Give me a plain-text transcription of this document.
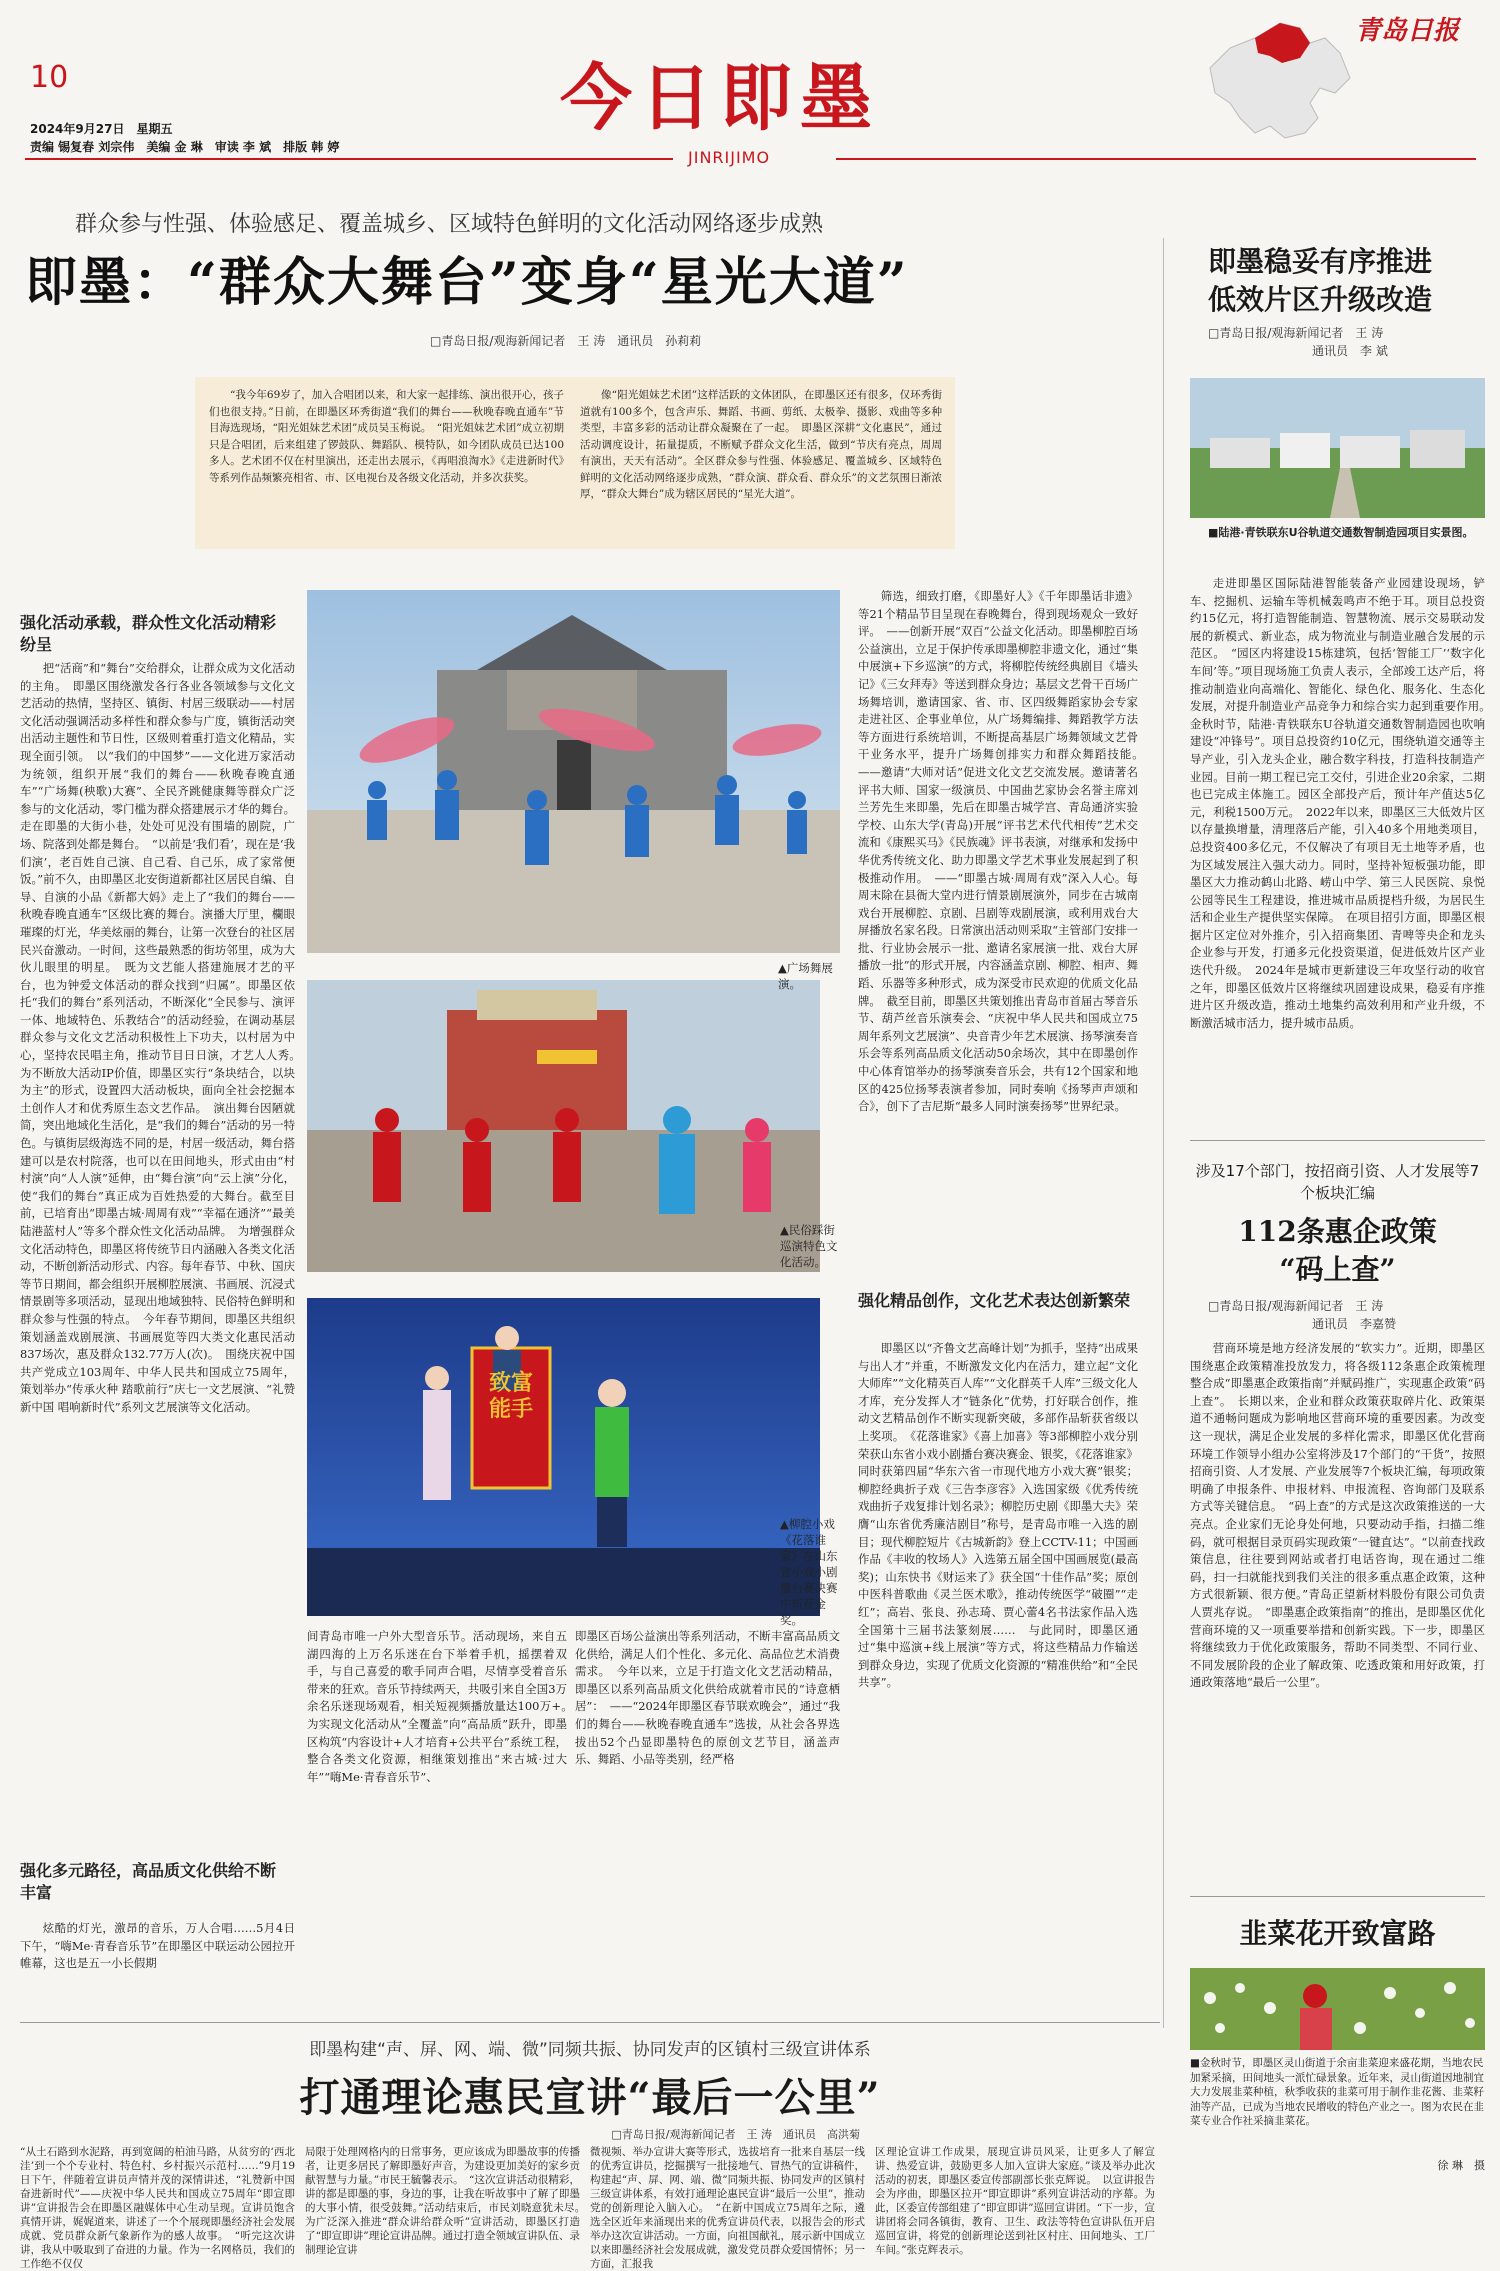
10
2024年9月27日　星期五
责编 锡复春 刘宗伟　美编 金 琳　审读 李 斌　排版 韩 婷
今日即墨
JINRIJIMO
青岛日报
群众参与性强、体验感足、覆盖城乡、区域特色鲜明的文化活动网络逐步成熟
即墨：“群众大舞台”变身“星光大道”
□青岛日报/观海新闻记者　王 涛　通讯员　孙莉莉
“我今年69岁了，加入合唱团以来，和大家一起排练、演出很开心，孩子们也很支持。”日前，在即墨区环秀街道“我们的舞台——秋晚春晚直通车”节目海选现场，“阳光姐妹艺术团”成员吴玉梅说。　“阳光姐妹艺术团”成立初期只是合唱团，后来组建了锣鼓队、舞蹈队、模特队，如今团队成员已达100多人。艺术团不仅在村里演出，还走出去展示，《再唱浪淘水》《走进新时代》等系列作品频繁亮相省、市、区电视台及各级文化活动，并多次获奖。
像“阳光姐妹艺术团”这样活跃的文体团队，在即墨区还有很多，仅环秀街道就有100多个，包含声乐、舞蹈、书画、剪纸、太极拳、摄影、戏曲等多种类型，丰富多彩的活动让群众凝聚在了一起。　即墨区深耕“文化惠民”，通过活动调度设计，拓量提质，不断赋予群众文化生活，做到“节庆有亮点，周周有演出，天天有活动”。全区群众参与性强、体验感足、覆盖城乡、区域特色鲜明的文化活动网络逐步成熟，“群众演、群众看、群众乐”的文艺氛围日渐浓厚，“群众大舞台”成为辖区居民的“星光大道”。
强化活动承载，群众性文化活动精彩纷呈
把“活商”和“舞台”交给群众，让群众成为文化活动的主角。　即墨区围绕激发各行各业各领域参与文化文艺活动的热情，坚持区、镇街、村居三级联动——村居文化活动强调活动多样性和群众参与广度，镇街活动突出活动主题性和节日性，区级则着重打造文化精品，实现全面引领。　以“我们的中国梦”——文化进万家活动为统领，组织开展“我们的舞台——秋晚春晚直通车”“广场舞(秧歌)大赛”、全民齐跳健康舞等群众广泛参与的文化活动，零门槛为群众搭建展示才华的舞台。走在即墨的大街小巷，处处可见没有围墙的剧院，广场、院落到处都是舞台。　“以前是‘我们看’，现在是‘我们演’，老百姓自己演、自己看、自己乐，成了家常便饭。”前不久，由即墨区北安街道新都社区居民自编、自导、自演的小品《新都大妈》走上了“我们的舞台——秋晚春晚直通车”区级比赛的舞台。演播大厅里，欄眼璀璨的灯光，华美炫丽的舞台，让第一次登台的社区居民兴奋激动。一时间，这些最熟悉的街坊邻里，成为大伙儿眼里的明星。　既为文艺能人搭建施展才艺的平台，也为钟爱文体活动的群众找到“归属”。即墨区依托“我们的舞台”系列活动，不断深化“全民参与、演评一体、地域特色、乐教结合”的活动经验，在调动基层群众参与文化文艺活动积极性上下功夫，以村居为中心，坚持农民唱主角，推动节目日日演，才艺人人秀。　为不断放大活动IP价值，即墨区实行“条块结合，以块为主”的形式，设置四大活动板块，面向全社会挖掘本土创作人才和优秀原生态文艺作品。　演出舞台因陋就简，突出地域化生活化，是“我们的舞台”活动的另一特色。与镇街层级海选不同的是，村居一级活动，舞台搭建可以是农村院落，也可以在田间地头，形式由由“村村演”向“人人演”延伸，由“舞台演”向“云上演”分化，使“我们的舞台”真正成为百姓热爱的大舞台。截至目前，已培育出“即墨古城·周周有戏”“幸福在通济”“最美陆港蓝村人”等多个群众性文化活动品牌。　为增强群众文化活动特色，即墨区将传统节日内涵融入各类文化活动，不断创新活动形式、内容。每年春节、中秋、国庆等节日期间，都会组织开展柳腔展演、书画展、沉浸式情景剧等多项活动，显现出地域独特、民俗特色鲜明和群众参与性强的特点。　今年春节期间，即墨区共组织策划涵盖戏剧展演、书画展览等四大类文化惠民活动837场次，惠及群众132.77万人(次)。　围绕庆祝中国共产党成立103周年、中华人民共和国成立75周年，策划举办“传承火种 踏歌前行”庆七一文艺展演、“礼赞新中国 唱响新时代”系列文艺展演等文化活动。
强化多元路径，高品质文化供给不断丰富
炫酷的灯光，激昂的音乐，万人合唱……5月4日下午，“嗨Me·青春音乐节”在即墨区中联运动公园拉开帷幕，这也是五一小长假期
致富能手
▲广场舞展演。
▲民俗踩街巡演特色文化活动。
▲柳腔小戏《花落谁家》在山东省小戏小剧播台赛决赛中斩获金奖。
间青岛市唯一户外大型音乐节。活动现场，来自五湖四海的上万名乐迷在台下举着手机，摇摆着双手，与自己喜爱的歌手同声合唱，尽情享受着音乐带来的狂欢。音乐节持续两天，共吸引来自全国3万余名乐迷现场观看，相关短视频播放量达100万+。　为实现文化活动从“全覆盖”向“高品质”跃升，即墨区构筑“内容设计+人才培育+公共平台”系统工程，整合各类文化资源，相继策划推出“来古城·过大年”“嗨Me·青春音乐节”、
即墨区百场公益演出等系列活动，不断丰富高品质文化供给，满足人们个性化、多元化、高品位艺术消费需求。　今年以来，立足于打造文化文艺活动精品，即墨区以系列高品质文化供给成就着市民的“诗意栖居”：　——“2024年即墨区春节联欢晚会”，通过“我们的舞台——秋晚春晚直通车”选拔，从社会各界选拔出52个凸显即墨特色的原创文艺节目，涵盖声乐、舞蹈、小品等类别，经严格
筛选，细致打磨，《即墨好人》《千年即墨话非遗》等21个精品节目呈现在春晚舞台，得到现场观众一致好评。　——创新开展“双百”公益文化活动。即墨柳腔百场公益演出，立足于保护传承即墨柳腔非遗文化，通过“集中展演+下乡巡演”的方式，将柳腔传统经典剧目《墙头记》《三女拜寿》等送到群众身边；基层文艺骨干百场广场舞培训，邀请国家、省、市、区四级舞蹈家协会专家走进社区、企事业单位，从广场舞编排、舞蹈教学方法等方面进行系统培训，不断提高基层广场舞领域文艺骨干业务水平，提升广场舞创排实力和群众舞蹈技能。　——邀请“大师对话”促进文化文艺交流发展。邀请著名评书大师、国家一级演员、中国曲艺家协会名誉主席刘兰芳先生来即墨，先后在即墨古城学宫、青岛通济实验学校、山东大学(青岛)开展“评书艺术代代相传”艺术交流和《康熙买马》《民族魂》评书表演，对继承和发扬中华优秀传统文化、助力即墨文学艺术事业发展起到了积极推动作用。　——“即墨古城·周周有戏”深入人心。每周末除在县衙大堂内进行情景剧展演外，同步在古城南戏台开展柳腔、京剧、吕剧等戏剧展演，或利用戏台大屏播放名家名段。日常演出活动则采取“主管部门安排一批、行业协会展示一批、邀请名家展演一批、戏台大屏播放一批”的形式开展，内容涵盖京剧、柳腔、相声、舞蹈、乐器等多种形式，成为深受市民欢迎的优质文化品牌。　截至目前，即墨区共策划推出青岛市首届古琴音乐节、葫芦丝音乐演奏会、“庆祝中华人民共和国成立75周年系列文艺展演”、央音青少年艺术展演、扬琴演奏音乐会等系列高品质文化活动50余场次，其中在即墨创作中心体育馆举办的扬琴演奏音乐会，共有12个国家和地区的425位扬琴表演者参加，同时奏响《扬琴声声颂和合》，创下了吉尼斯“最多人同时演奏扬琴”世界纪录。
强化精品创作，文化艺术表达创新繁荣
即墨区以“齐鲁文艺高峰计划”为抓手，坚持“出成果与出人才”并重，不断激发文化内在活力，建立起“文化大师库”“文化精英百人库”“文化群英千人库”三级文化人才库，充分发挥人才“链条化”优势，打好联合创作，推动文艺精品创作不断实现新突破，多部作品斩获省级以上奖项。　《花落谁家》《喜上加喜》等3部柳腔小戏分别荣获山东省小戏小剧播台赛决赛金、银奖，《花落谁家》同时获第四届“华东六省一市现代地方小戏大赛”银奖；柳腔经典折子戏《三告李彦容》入选国家级《优秀传统戏曲折子戏复排计划名录》；柳腔历史剧《即墨大夫》荣膺“山东省优秀廉洁剧目”称号，是青岛市唯一入选的剧目；现代柳腔短片《古城新韵》登上CCTV-11；中国画作品《丰收的牧场人》入选第五届全国中国画展览(最高奖)；山东快书《财运来了》获全国“十佳作品”奖；原创中医科普歌曲《灵兰医术歌》，推动传统医学“破圈”“走红”；高岩、张良、孙志琦、贾心蕾4名书法家作品入选全国第十三届书法篆刻展……　与此同时，即墨区通过“集中巡演+线上展演”等方式，将这些精品力作输送到群众身边，实现了优质文化资源的“精准供给”和“全民共享”。
即墨稳妥有序推进
低效片区升级改造
□青岛日报/观海新闻记者　王 涛
通讯员　李 斌
■陆港·青铁联东U谷轨道交通数智制造园项目实景图。
走进即墨区国际陆港智能装备产业园建设现场，铲车、挖掘机、运输车等机械轰鸣声不绝于耳。项目总投资约15亿元，将打造智能制造、智慧物流、展示交易联动发展的新模式、新业态，成为物流业与制造业融合发展的示范区。　“园区内将建设15栋建筑，包括‘智能工厂’‘数字化车间’等。”项目现场施工负责人表示，全部竣工达产后，将推动制造业向高端化、智能化、绿色化、服务化、生态化发展，对提升制造业产品竞争力和综合实力起到重要作用。　金秋时节，陆港·青铁联东U谷轨道交通数智制造园也吹响建设“冲锋号”。项目总投资约10亿元，围绕轨道交通等主导产业，引入龙头企业，融合数字科技，打造科技制造产业园。目前一期工程已完工交付，引进企业20余家，二期也已完成主体施工。园区全部投产后，预计年产值达5亿元，利税1500万元。　2022年以来，即墨区三大低效片区以存量换增量，清理落后产能，引入40多个用地类项目，总投资400多亿元，不仅解决了有项目无土地等矛盾，也为区域发展注入强大动力。同时，坚持补短板强功能，即墨区大力推动鹤山北路、崂山中学、第三人民医院、泉悦公园等民生工程建设，推进城市品质提档升级，为居民生活和企业生产提供坚实保障。　在项目招引方面，即墨区根据片区定位对外推介，引入招商集团、青啤等央企和龙头企业参与开发，打通多元化投资渠道，促进低效片区产业迭代升级。　2024年是城市更新建设三年攻坚行动的收官之年，即墨区低效片区将继续巩固建设成果，稳妥有序推进片区升级改造，推动土地集约高效利用和产业升级，不断激活城市活力，提升城市品质。
涉及17个部门，按招商引资、人才发展等7个板块汇编
112条惠企政策
“码上查”
□青岛日报/观海新闻记者　王 涛
通讯员　李嘉赞
营商环境是地方经济发展的“软实力”。近期，即墨区围绕惠企政策精准投放发力，将各级112条惠企政策梳理整合成“即墨惠企政策指南”并赋码推广，实现惠企政策“码上查”。　长期以来，企业和群众政策获取碎片化、政策渠道不通畅问题成为影响地区营商环境的重要因素。为改变这一现状，满足企业发展的多样化需求，即墨区优化营商环境工作领导小组办公室将涉及17个部门的“干货”，按照招商引资、人才发展、产业发展等7个板块汇编，每项政策明确了申报条件、申报材料、申报流程、咨询部门及联系方式等关键信息。　“码上查”的方式是这次政策推送的一大亮点。企业家们无论身处何地，只要动动手指，扫描二维码，就可根据目录页码实现政策“一键直达”。“以前查找政策信息，往往要到网站或者打电话咨询，现在通过二维码，扫一扫就能找到我们关注的很多重点惠企政策，这种方式很新颖、很方便。”青岛正望新材料股份有限公司负责人贾兆存说。　“即墨惠企政策指南”的推出，是即墨区优化营商环境的又一项重要举措和创新实践。下一步，即墨区将继续致力于优化政策服务，帮助不同类型、不同行业、不同发展阶段的企业了解政策、吃透政策和用好政策，打通政策落地“最后一公里”。
韭菜花开致富路
即墨构建“声、屏、网、端、微”同频共振、协同发声的区镇村三级宣讲体系
打通理论惠民宣讲“最后一公里”
□青岛日报/观海新闻记者　王 涛　通讯员　高洪菊
“从土石路到水泥路，再到宽阔的柏油马路，从贫穷的‘西北洼’到一个个专业村、特色村、乡村振兴示范村……”9月19日下午，伴随着宣讲员声情并茂的深情讲述，“礼赞新中国 奋进新时代”——庆祝中华人民共和国成立75周年“即宣即讲”宣讲报告会在即墨区融媒体中心生动呈现。宣讲员饱含真情开讲，娓娓道来，讲述了一个个展现即墨经济社会发展成就、党员群众新气象新作为的感人故事。　“听完这次讲讲，我从中吸取到了奋进的力量。作为一名网格员，我们的工作绝不仅仅
局限于处理网格内的日常事务，更应该成为即墨故事的传播者，让更多居民了解即墨好声音，为建设更加美好的家乡贡献智慧与力量。”市民王毓馨表示。　“这次宣讲活动很精彩，讲的都是即墨的事，身边的事，让我在听故事中了解了即墨的大事小情，很受鼓舞。”活动结束后，市民刘晓意犹未尽。　为广泛深入推进“群众讲给群众听”宣讲活动，即墨区打造了“即宣即讲”理论宣讲品牌。通过打造全领域宣讲队伍、录制理论宣讲
微视频、举办宣讲大赛等形式，选拔培育一批来自基层一线的优秀宣讲员，挖掘撰写一批接地气、冒热气的宣讲稿件，构建起“声、屏、网、端、微”同频共振、协同发声的区镇村三级宣讲体系，有效打通理论惠民宣讲“最后一公里”，推动党的创新理论入脑入心。　“在新中国成立75周年之际，遴选全区近年来涌现出来的优秀宣讲员代表，以报告会的形式举办这次宣讲活动。一方面，向祖国献礼，展示新中国成立以来即墨经济社会发展成就，激发党员群众爱国情怀；另一方面，汇报我
区理论宣讲工作成果，展现宣讲员风采，让更多人了解宣讲、热爱宣讲，鼓励更多人加入宣讲大家庭。”谈及举办此次活动的初衷，即墨区委宣传部副部长张克辉说。　以宣讲报告会为序曲，即墨区拉开“即宣即讲”系列宣讲活动的序幕。为此，区委宣传部组建了“即宣即讲”巡回宣讲团。“下一步，宣讲团将会同各镇街，教育、卫生、政法等特色宣讲队伍开启巡回宣讲，将党的创新理论送到社区村庄、田间地头、工厂车间。”张克辉表示。
■金秋时节，即墨区灵山街道于余亩韭菜迎来盛花期，当地农民加紧采摘，田间地头一派忙碌景象。近年来，灵山街道因地制宜大力发展韭菜种植，秋季收获的韭菜可用于制作韭花酱、韭菜籽油等产品，已成为当地农民增收的特色产业之一。图为农民在韭菜专业合作社采摘韭菜花。
徐 琳　摄
